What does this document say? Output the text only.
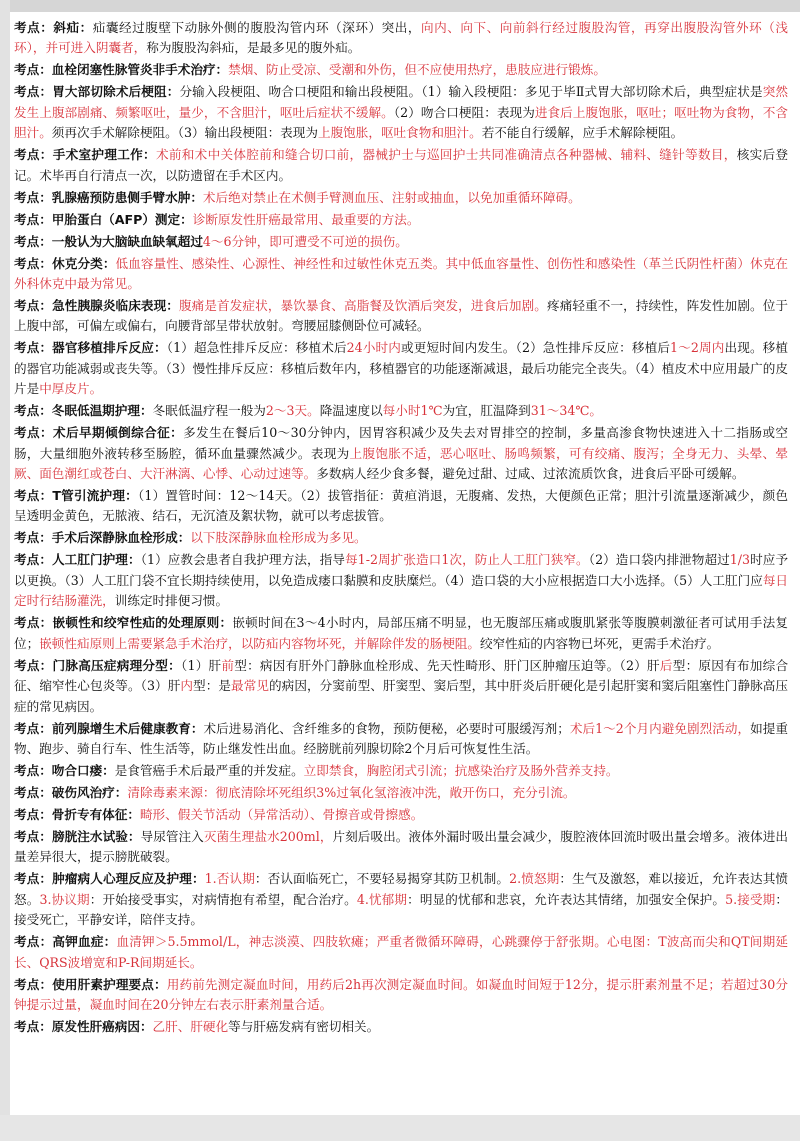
考点：斜疝：疝囊经过腹壁下动脉外侧的腹股沟管内环（深环）突出，向内、向下、向前斜行经过腹股沟管，再穿出腹股沟管外环（浅环），并可进入阴囊者，称为腹股沟斜疝，是最多见的腹外疝。

考点：血栓闭塞性脉管炎非手术治疗：禁烟、防止受凉、受潮和外伤，但不应使用热疗，患肢应进行锻炼。

考点：胃大部切除术后梗阻：分输入段梗阻、吻合口梗阻和输出段梗阻。（1）输入段梗阻：多见于毕Ⅱ式胃大部切除术后，典型症状是突然发生上腹部剧痛、频繁呕吐，量少，不含胆汁，呕吐后症状不缓解。（2）吻合口梗阻：表现为进食后上腹饱胀，呕吐；呕吐物为食物，不含胆汁。须再次手术解除梗阻。（3）输出段梗阻：表现为上腹饱胀，呕吐食物和胆汁。若不能自行缓解，应手术解除梗阻。

考点：手术室护理工作：术前和术中关体腔前和缝合切口前，器械护士与巡回护士共同准确清点各种器械、辅料、缝针等数目，核实后登记。术毕再自行清点一次，以防遗留在手术区内。

考点：乳腺癌预防患侧手臂水肿：术后绝对禁止在术侧手臂测血压、注射或抽血，以免加重循环障碍。

考点：甲胎蛋白（AFP）测定：诊断原发性肝癌最常用、最重要的方法。

考点：一般认为大脑缺血缺氧超过4～6分钟，即可遭受不可逆的损伤。

考点：休克分类：低血容量性、感染性、心源性、神经性和过敏性休克五类。其中低血容量性、创伤性和感染性（革兰氏阴性杆菌）休克在外科休克中最为常见。

考点：急性胰腺炎临床表现：腹痛是首发症状，暴饮暴食、高脂餐及饮酒后突发，进食后加剧。疼痛轻重不一，持续性，阵发性加剧。位于上腹中部，可偏左或偏右，向腰背部呈带状放射。弯腰屈膝侧卧位可减轻。

考点：器官移植排斥反应：（1）超急性排斥反应：移植术后24小时内或更短时间内发生。（2）急性排斥反应：移植后1～2周内出现。移植的器官功能减弱或丧失等。（3）慢性排斥反应：移植后数年内，移植器官的功能逐渐减退，最后功能完全丧失。（4）植皮术中应用最广的皮片是中厚皮片。

考点：冬眠低温期护理：冬眠低温疗程一般为2～3天。降温速度以每小时1℃为宜，肛温降到31～34℃。

考点：术后早期倾倒综合征：多发生在餐后10～30分钟内，因胃容积减少及失去对胃排空的控制，多量高渗食物快速进入十二指肠或空肠，大量细胞外液转移至肠腔，循环血量骤然减少。表现为上腹饱胀不适，恶心呕吐、肠鸣频繁，可有绞痛、腹泻；全身无力、头晕、晕厥、面色潮红或苍白、大汗淋漓、心悸、心动过速等。多数病人经少食多餐，避免过甜、过咸、过浓流质饮食，进食后平卧可缓解。

考点：T管引流护理：（1）置管时间：12～14天。（2）拔管指征：黄疸消退，无腹痛、发热，大便颜色正常；胆汁引流量逐渐减少，颜色呈透明金黄色，无脓液、结石，无沉渣及絮状物，就可以考虑拔管。

考点：手术后深静脉血栓形成：以下肢深静脉血栓形成为多见。

考点：人工肛门护理：（1）应教会患者自我护理方法，指导每1-2周扩张造口1次，防止人工肛门狭窄。（2）造口袋内排泄物超过1/3时应予以更换。（3）人工肛门袋不宜长期持续使用，以免造成瘘口黏膜和皮肤糜烂。（4）造口袋的大小应根据造口大小选择。（5）人工肛门应每日定时行结肠灌洗，训练定时排便习惯。

考点：嵌顿性和绞窄性疝的处理原则：嵌顿时间在3～4小时内，局部压痛不明显，也无腹部压痛或腹肌紧张等腹膜刺激征者可试用手法复位；嵌顿性疝原则上需要紧急手术治疗，以防疝内容物坏死，并解除伴发的肠梗阻。绞窄性疝的内容物已坏死，更需手术治疗。

考点：门脉高压症病理分型：（1）肝前型：病因有肝外门静脉血栓形成、先天性畸形、肝门区肿瘤压迫等。（2）肝后型：原因有布加综合征、缩窄性心包炎等。（3）肝内型：是最常见的病因，分窦前型、肝窦型、窦后型，其中肝炎后肝硬化是引起肝窦和窦后阻塞性门静脉高压症的常见病因。

考点：前列腺增生术后健康教育：术后进易消化、含纤维多的食物，预防便秘，必要时可服缓泻剂；术后1～2个月内避免剧烈活动，如提重物、跑步、骑自行车、性生活等，防止继发性出血。经膀胱前列腺切除2个月后可恢复性生活。

考点：吻合口瘘：是食管癌手术后最严重的并发症。立即禁食，胸腔闭式引流；抗感染治疗及肠外营养支持。

考点：破伤风治疗：清除毒素来源：彻底清除坏死组织3%过氧化氢溶液冲洗，敞开伤口，充分引流。

考点：骨折专有体征：畸形、假关节活动（异常活动）、骨擦音或骨擦感。

考点：膀胱注水试验：导尿管注入灭菌生理盐水200ml，片刻后吸出。液体外漏时吸出量会减少，腹腔液体回流时吸出量会增多。液体进出量差异很大，提示膀胱破裂。

考点：肿瘤病人心理反应及护理：1.否认期：否认面临死亡，不要轻易揭穿其防卫机制。2.愤怒期：生气及激怒，难以接近，允许表达其愤怒。3.协议期：开始接受事实，对病情抱有希望，配合治疗。4.忧郁期：明显的忧郁和悲哀，允许表达其情绪，加强安全保护。5.接受期：接受死亡，平静安详，陪伴支持。

考点：高钾血症：血清钾＞5.5mmol/L，神志淡漠、四肢软瘫；严重者微循环障碍，心跳骤停于舒张期。心电图：T波高而尖和QT间期延长、QRS波增宽和P-R间期延长。

考点：使用肝素护理要点：用药前先测定凝血时间，用药后2h再次测定凝血时间。如凝血时间短于12分，提示肝素剂量不足；若超过30分钟提示过量，凝血时间在20分钟左右表示肝素剂量合适。

考点：原发性肝癌病因：乙肝、肝硬化等与肝癌发病有密切相关。
